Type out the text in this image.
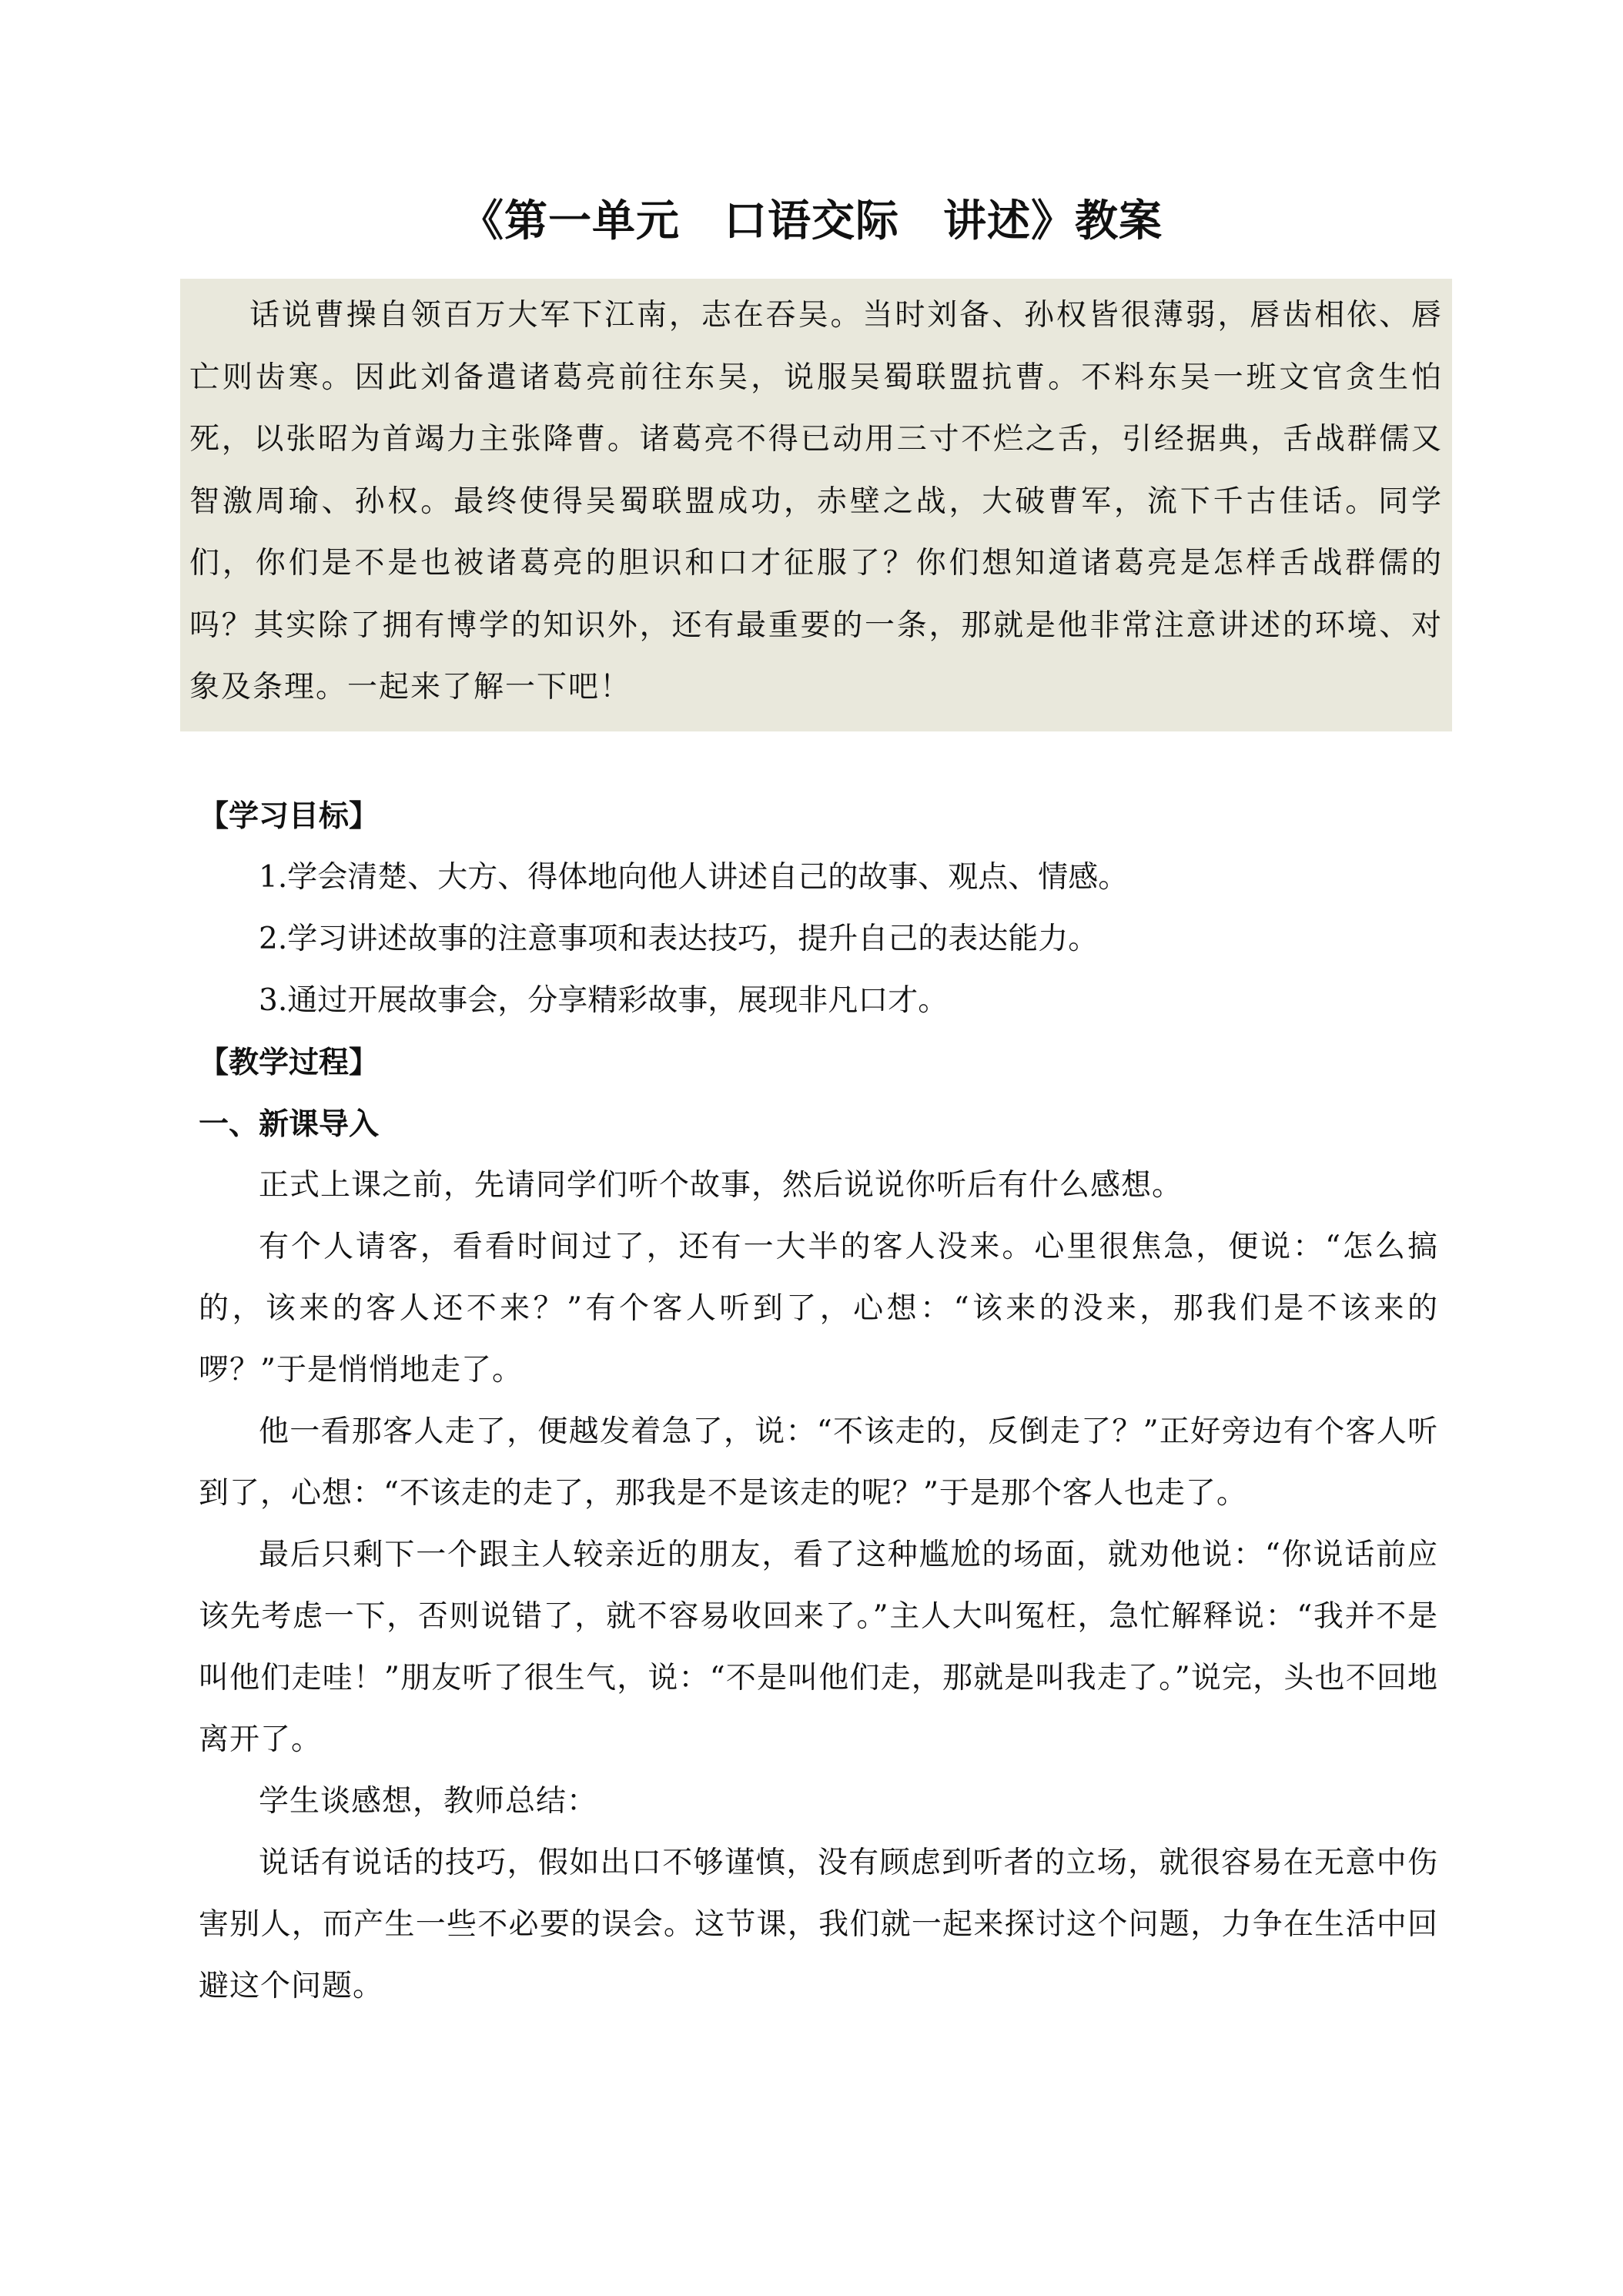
《第一单元　口语交际　讲述》教案

话说曹操自领百万大军下江南，志在吞吴。当时刘备、孙权皆很薄弱，唇齿相依、唇亡则齿寒。因此刘备遣诸葛亮前往东吴，说服吴蜀联盟抗曹。不料东吴一班文官贪生怕死，以张昭为首竭力主张降曹。诸葛亮不得已动用三寸不烂之舌，引经据典，舌战群儒又智激周瑜、孙权。最终使得吴蜀联盟成功，赤壁之战，大破曹军，流下千古佳话。同学们，你们是不是也被诸葛亮的胆识和口才征服了？你们想知道诸葛亮是怎样舌战群儒的吗？其实除了拥有博学的知识外，还有最重要的一条，那就是他非常注意讲述的环境、对象及条理。一起来了解一下吧！

【学习目标】

1.学会清楚、大方、得体地向他人讲述自己的故事、观点、情感。

2.学习讲述故事的注意事项和表达技巧，提升自己的表达能力。

3.通过开展故事会，分享精彩故事，展现非凡口才。

【教学过程】

一、新课导入

正式上课之前，先请同学们听个故事，然后说说你听后有什么感想。

有个人请客，看看时间过了，还有一大半的客人没来。心里很焦急，便说：“怎么搞的，该来的客人还不来？”有个客人听到了，心想：“该来的没来，那我们是不该来的啰？”于是悄悄地走了。

他一看那客人走了，便越发着急了，说：“不该走的，反倒走了？”正好旁边有个客人听到了，心想：“不该走的走了，那我是不是该走的呢？”于是那个客人也走了。

最后只剩下一个跟主人较亲近的朋友，看了这种尴尬的场面，就劝他说：“你说话前应该先考虑一下，否则说错了，就不容易收回来了。”主人大叫冤枉，急忙解释说：“我并不是叫他们走哇！”朋友听了很生气，说：“不是叫他们走，那就是叫我走了。”说完，头也不回地离开了。

学生谈感想，教师总结：

说话有说话的技巧，假如出口不够谨慎，没有顾虑到听者的立场，就很容易在无意中伤害别人，而产生一些不必要的误会。这节课，我们就一起来探讨这个问题，力争在生活中回避这个问题。
